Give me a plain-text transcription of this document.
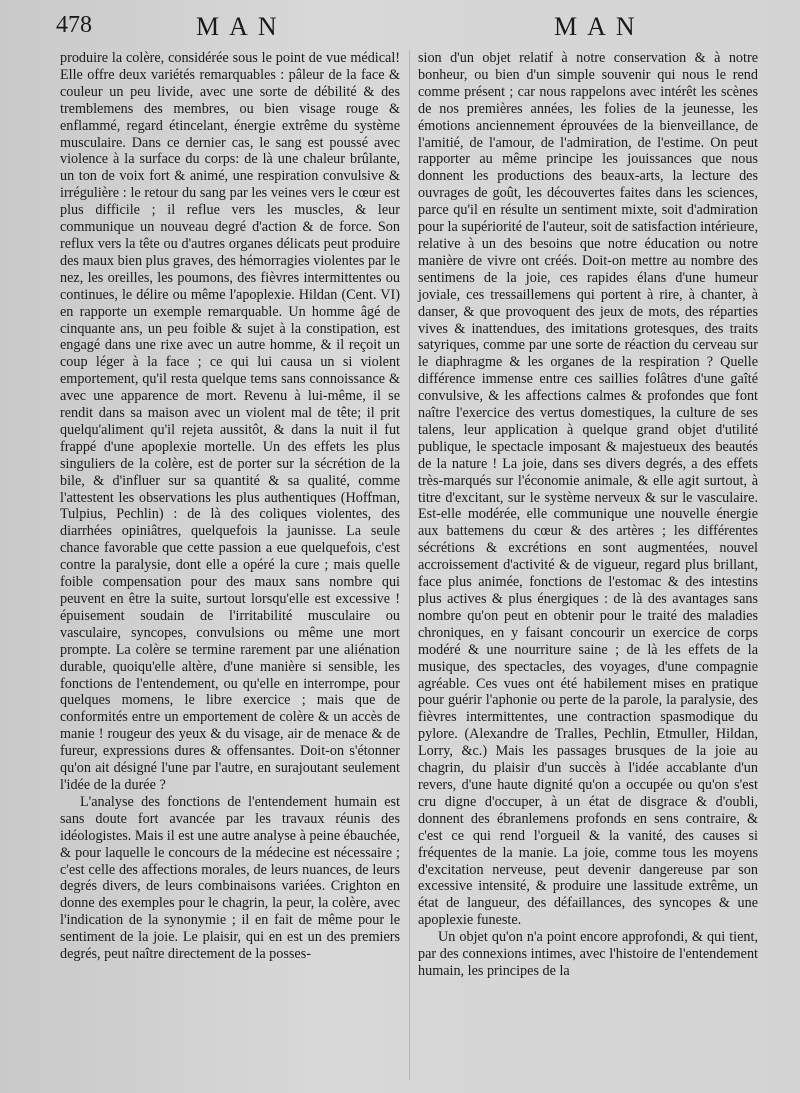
478	MAN	MAN

produire la colère, considérée sous le point de vue médical! Elle offre deux variétés remarquables : pâleur de la face & couleur un peu livide, avec une sorte de débilité & des tremblemens des membres, ou bien visage rouge & enflammé, regard étincelant, énergie extrême du système musculaire. Dans ce dernier cas, le sang est poussé avec violence à la surface du corps: de là une chaleur brûlante, un ton de voix fort & animé, une respiration convulsive & irrégulière : le retour du sang par les veines vers le cœur est plus difficile ; il reflue vers les muscles, & leur communique un nouveau degré d'action & de force. Son reflux vers la tête ou d'autres organes délicats peut produire des maux bien plus graves, des hémorragies violentes par le nez, les oreilles, les poumons, des fièvres intermittentes ou continues, le délire ou même l'apoplexie. Hildan (Cent. VI) en rapporte un exemple remarquable. Un homme âgé de cinquante ans, un peu foible & sujet à la constipation, est engagé dans une rixe avec un autre homme, & il reçoit un coup léger à la face ; ce qui lui causa un si violent emportement, qu'il resta quelque tems sans connoissance & avec une apparence de mort. Revenu à lui-même, il se rendit dans sa maison avec un violent mal de tête; il prit quelqu'aliment qu'il rejeta aussitôt, & dans la nuit il fut frappé d'une apoplexie mortelle. Un des effets les plus singuliers de la colère, est de porter sur la sécrétion de la bile, & d'influer sur sa quantité & sa qualité, comme l'attestent les observations les plus authentiques (Hoffman, Tulpius, Pechlin) : de là des coliques violentes, des diarrhées opiniâtres, quelquefois la jaunisse. La seule chance favorable que cette passion a eue quelquefois, c'est contre la paralysie, dont elle a opéré la cure ; mais quelle foible compensation pour des maux sans nombre qui peuvent en être la suite, surtout lorsqu'elle est excessive ! épuisement soudain de l'irritabilité musculaire ou vasculaire, syncopes, convulsions ou même une mort prompte. La colère se termine rarement par une aliénation durable, quoiqu'elle altère, d'une manière si sensible, les fonctions de l'entendement, ou qu'elle en interrompe, pour quelques momens, le libre exercice ; mais que de conformités entre un emportement de colère & un accès de manie ! rougeur des yeux & du visage, air de menace & de fureur, expressions dures & offensantes. Doit-on s'étonner qu'on ait désigné l'une par l'autre, en surajoutant seulement l'idée de la durée ?

L'analyse des fonctions de l'entendement humain est sans doute fort avancée par les travaux réunis des idéologistes. Mais il est une autre analyse à peine ébauchée, & pour laquelle le concours de la médecine est nécessaire ; c'est celle des affections morales, de leurs nuances, de leurs degrés divers, de leurs combinaisons variées. Crighton en donne des exemples pour le chagrin, la peur, la colère, avec l'indication de la synonymie ; il en fait de même pour le sentiment de la joie. Le plaisir, qui en est un des premiers degrés, peut naître directement de la posses-

sion d'un objet relatif à notre conservation & à notre bonheur, ou bien d'un simple souvenir qui nous le rend comme présent ; car nous rappelons avec intérêt les scènes de nos premières années, les folies de la jeunesse, les émotions anciennement éprouvées de la bienveillance, de l'amitié, de l'amour, de l'admiration, de l'estime. On peut rapporter au même principe les jouissances que nous donnent les productions des beaux-arts, la lecture des ouvrages de goût, les découvertes faites dans les sciences, parce qu'il en résulte un sentiment mixte, soit d'admiration pour la supériorité de l'auteur, soit de satisfaction intérieure, relative à un des besoins que notre éducation ou notre manière de vivre ont créés. Doit-on mettre au nombre des sentimens de la joie, ces rapides élans d'une humeur joviale, ces tressaillemens qui portent à rire, à chanter, à danser, & que provoquent des jeux de mots, des réparties vives & inattendues, des imitations grotesques, des traits satyriques, comme par une sorte de réaction du cerveau sur le diaphragme & les organes de la respiration ? Quelle différence immense entre ces saillies folâtres d'une gaîté convulsive, & les affections calmes & profondes que font naître l'exercice des vertus domestiques, la culture de ses talens, leur application à quelque grand objet d'utilité publique, le spectacle imposant & majestueux des beautés de la nature ! La joie, dans ses divers degrés, a des effets très-marqués sur l'économie animale, & elle agit surtout, à titre d'excitant, sur le système nerveux & sur le vasculaire. Est-elle modérée, elle communique une nouvelle énergie aux battemens du cœur & des artères ; les différentes sécrétions & excrétions en sont augmentées, nouvel accroissement d'activité & de vigueur, regard plus brillant, face plus animée, fonctions de l'estomac & des intestins plus actives & plus énergiques : de là des avantages sans nombre qu'on peut en obtenir pour le traité des maladies chroniques, en y faisant concourir un exercice de corps modéré & une nourriture saine ; de là les effets de la musique, des spectacles, des voyages, d'une compagnie agréable. Ces vues ont été habilement mises en pratique pour guérir l'aphonie ou perte de la parole, la paralysie, des fièvres intermittentes, une contraction spasmodique du pylore. (Alexandre de Tralles, Pechlin, Etmuller, Hildan, Lorry, &c.) Mais les passages brusques de la joie au chagrin, du plaisir d'un succès à l'idée accablante d'un revers, d'une haute dignité qu'on a occupée ou qu'on s'est cru digne d'occuper, à un état de disgrace & d'oubli, donnent des ébranlemens profonds en sens contraire, & c'est ce qui rend l'orgueil & la vanité, des causes si fréquentes de la manie. La joie, comme tous les moyens d'excitation nerveuse, peut devenir dangereuse par son excessive intensité, & produire une lassitude extrême, un état de langueur, des défaillances, des syncopes & une apoplexie funeste.

Un objet qu'on n'a point encore approfondi, & qui tient, par des connexions intimes, avec l'histoire de l'entendement humain, les principes de la
